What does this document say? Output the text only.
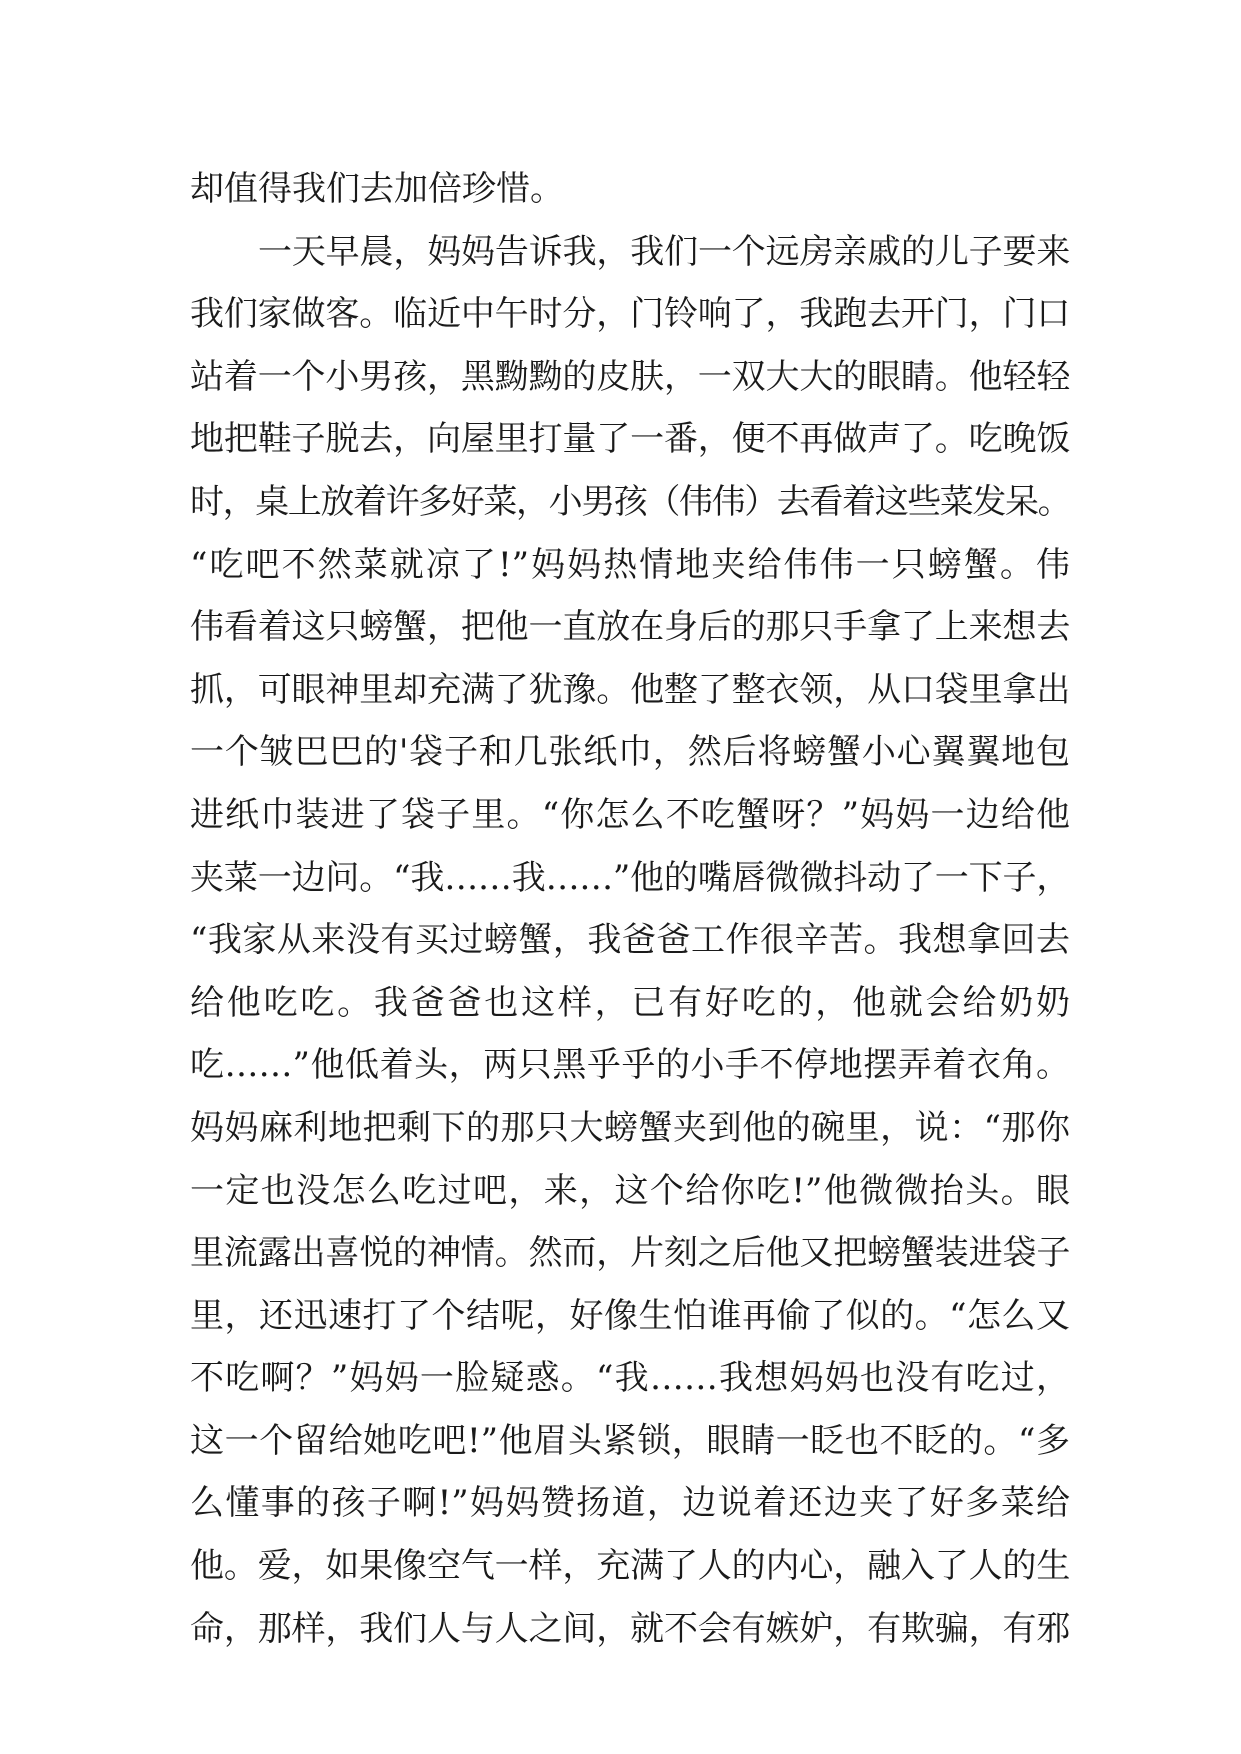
却值得我们去加倍珍惜。
一天早晨，妈妈告诉我，我们一个远房亲戚的儿子要来
我们家做客。临近中午时分，门铃响了，我跑去开门，门口
站着一个小男孩，黑黝黝的皮肤，一双大大的眼睛。他轻轻
地把鞋子脱去，向屋里打量了一番，便不再做声了。吃晚饭
时，桌上放着许多好菜，小男孩（伟伟）去看着这些菜发呆。
“吃吧不然菜就凉了!”妈妈热情地夹给伟伟一只螃蟹。伟
伟看着这只螃蟹，把他一直放在身后的那只手拿了上来想去
抓，可眼神里却充满了犹豫。他整了整衣领，从口袋里拿出
一个皱巴巴的'袋子和几张纸巾，然后将螃蟹小心翼翼地包
进纸巾装进了袋子里。“你怎么不吃蟹呀？”妈妈一边给他
夹菜一边问。“我……我……”他的嘴唇微微抖动了一下子，
“我家从来没有买过螃蟹，我爸爸工作很辛苦。我想拿回去
给他吃吃。我爸爸也这样，已有好吃的，他就会给奶奶
吃……”他低着头，两只黑乎乎的小手不停地摆弄着衣角。
妈妈麻利地把剩下的那只大螃蟹夹到他的碗里，说：“那你
一定也没怎么吃过吧，来，这个给你吃!”他微微抬头。眼
里流露出喜悦的神情。然而，片刻之后他又把螃蟹装进袋子
里，还迅速打了个结呢，好像生怕谁再偷了似的。“怎么又
不吃啊？”妈妈一脸疑惑。“我……我想妈妈也没有吃过，
这一个留给她吃吧!”他眉头紧锁，眼睛一眨也不眨的。“多
么懂事的孩子啊!”妈妈赞扬道，边说着还边夹了好多菜给
他。爱，如果像空气一样，充满了人的内心，融入了人的生
命，那样，我们人与人之间，就不会有嫉妒，有欺骗，有邪
